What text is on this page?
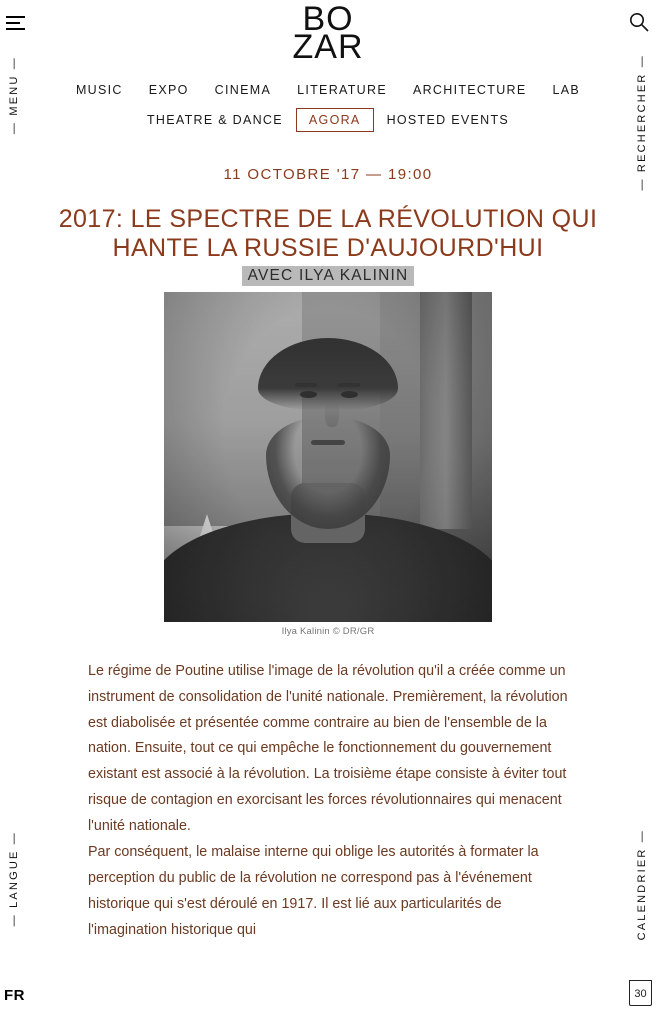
— MENU —
— LANGUE —
FR
— RECHERCHER —
CALENDRIER —
30
BO
ZAR
MUSIC	EXPO	CINEMA	LITERATURE	ARCHITECTURE	LAB
THEATRE & DANCE	AGORA	HOSTED EVENTS
11 OCTOBRE '17 — 19:00
2017: LE SPECTRE DE LA RÉVOLUTION QUI HANTE LA RUSSIE D'AUJOURD'HUI
AVEC ILYA KALININ
Ilya Kalinin © DR/GR

Le régime de Poutine utilise l'image de la révolution qu'il a créée comme un instrument de consolidation de l'unité nationale. Premièrement, la révolution est diabolisée et présentée comme contraire au bien de l'ensemble de la nation. Ensuite, tout ce qui empêche le fonctionnement du gouvernement existant est associé à la révolution. La troisième étape consiste à éviter tout risque de contagion en exorcisant les forces révolutionnaires qui menacent l'unité nationale.

Par conséquent, le malaise interne qui oblige les autorités à formater la perception du public de la révolution ne correspond pas à l'événement historique qui s'est déroulé en 1917. Il est lié aux particularités de l'imagination historique qui
